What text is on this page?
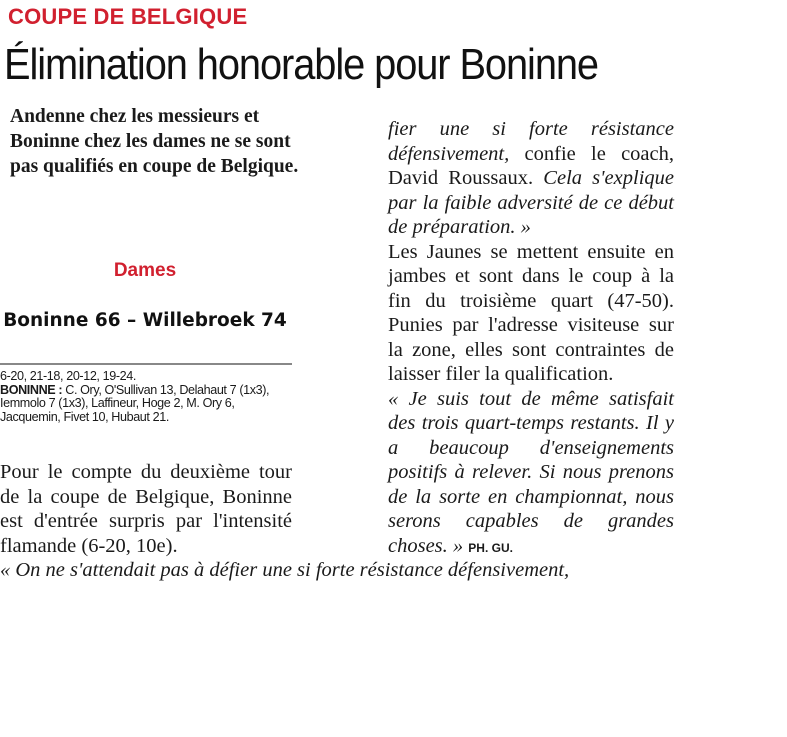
COUPE DE BELGIQUE
Élimination honorable pour Boninne
Andenne chez les messieurs et Boninne chez les dames ne se sont pas qualifiés en coupe de Belgique.
Dames
Boninne 66 – Willebroek 74
6-20, 21-18, 20-12, 19-24.
BONINNE : C. Ory, O'Sullivan 13, Delahaut 7 (1x3), Iemmolo 7 (1x3), Laffineur, Hoge 2, M. Ory 6, Jacquemin, Fivet 10, Hubaut 21.

Pour le compte du deuxième tour de la coupe de Belgique, Boninne est d'entrée surpris par l'intensité flamande (6-20, 10e).

« On ne s'attendait pas à défier une si forte résistance défensivement,

fier une si forte résistance défensivement, confie le coach, David Roussaux. Cela s'explique par la faible adversité de ce début de préparation. »

Les Jaunes se mettent ensuite en jambes et sont dans le coup à la fin du troisième quart (47-50). Punies par l'adresse visiteuse sur la zone, elles sont contraintes de laisser filer la qualification.

« Je suis tout de même satisfait des trois quart-temps restants. Il y a beaucoup d'enseignements positifs à relever. Si nous prenons de la sorte en championnat, nous serons capables de grandes choses. » PH. GU.
